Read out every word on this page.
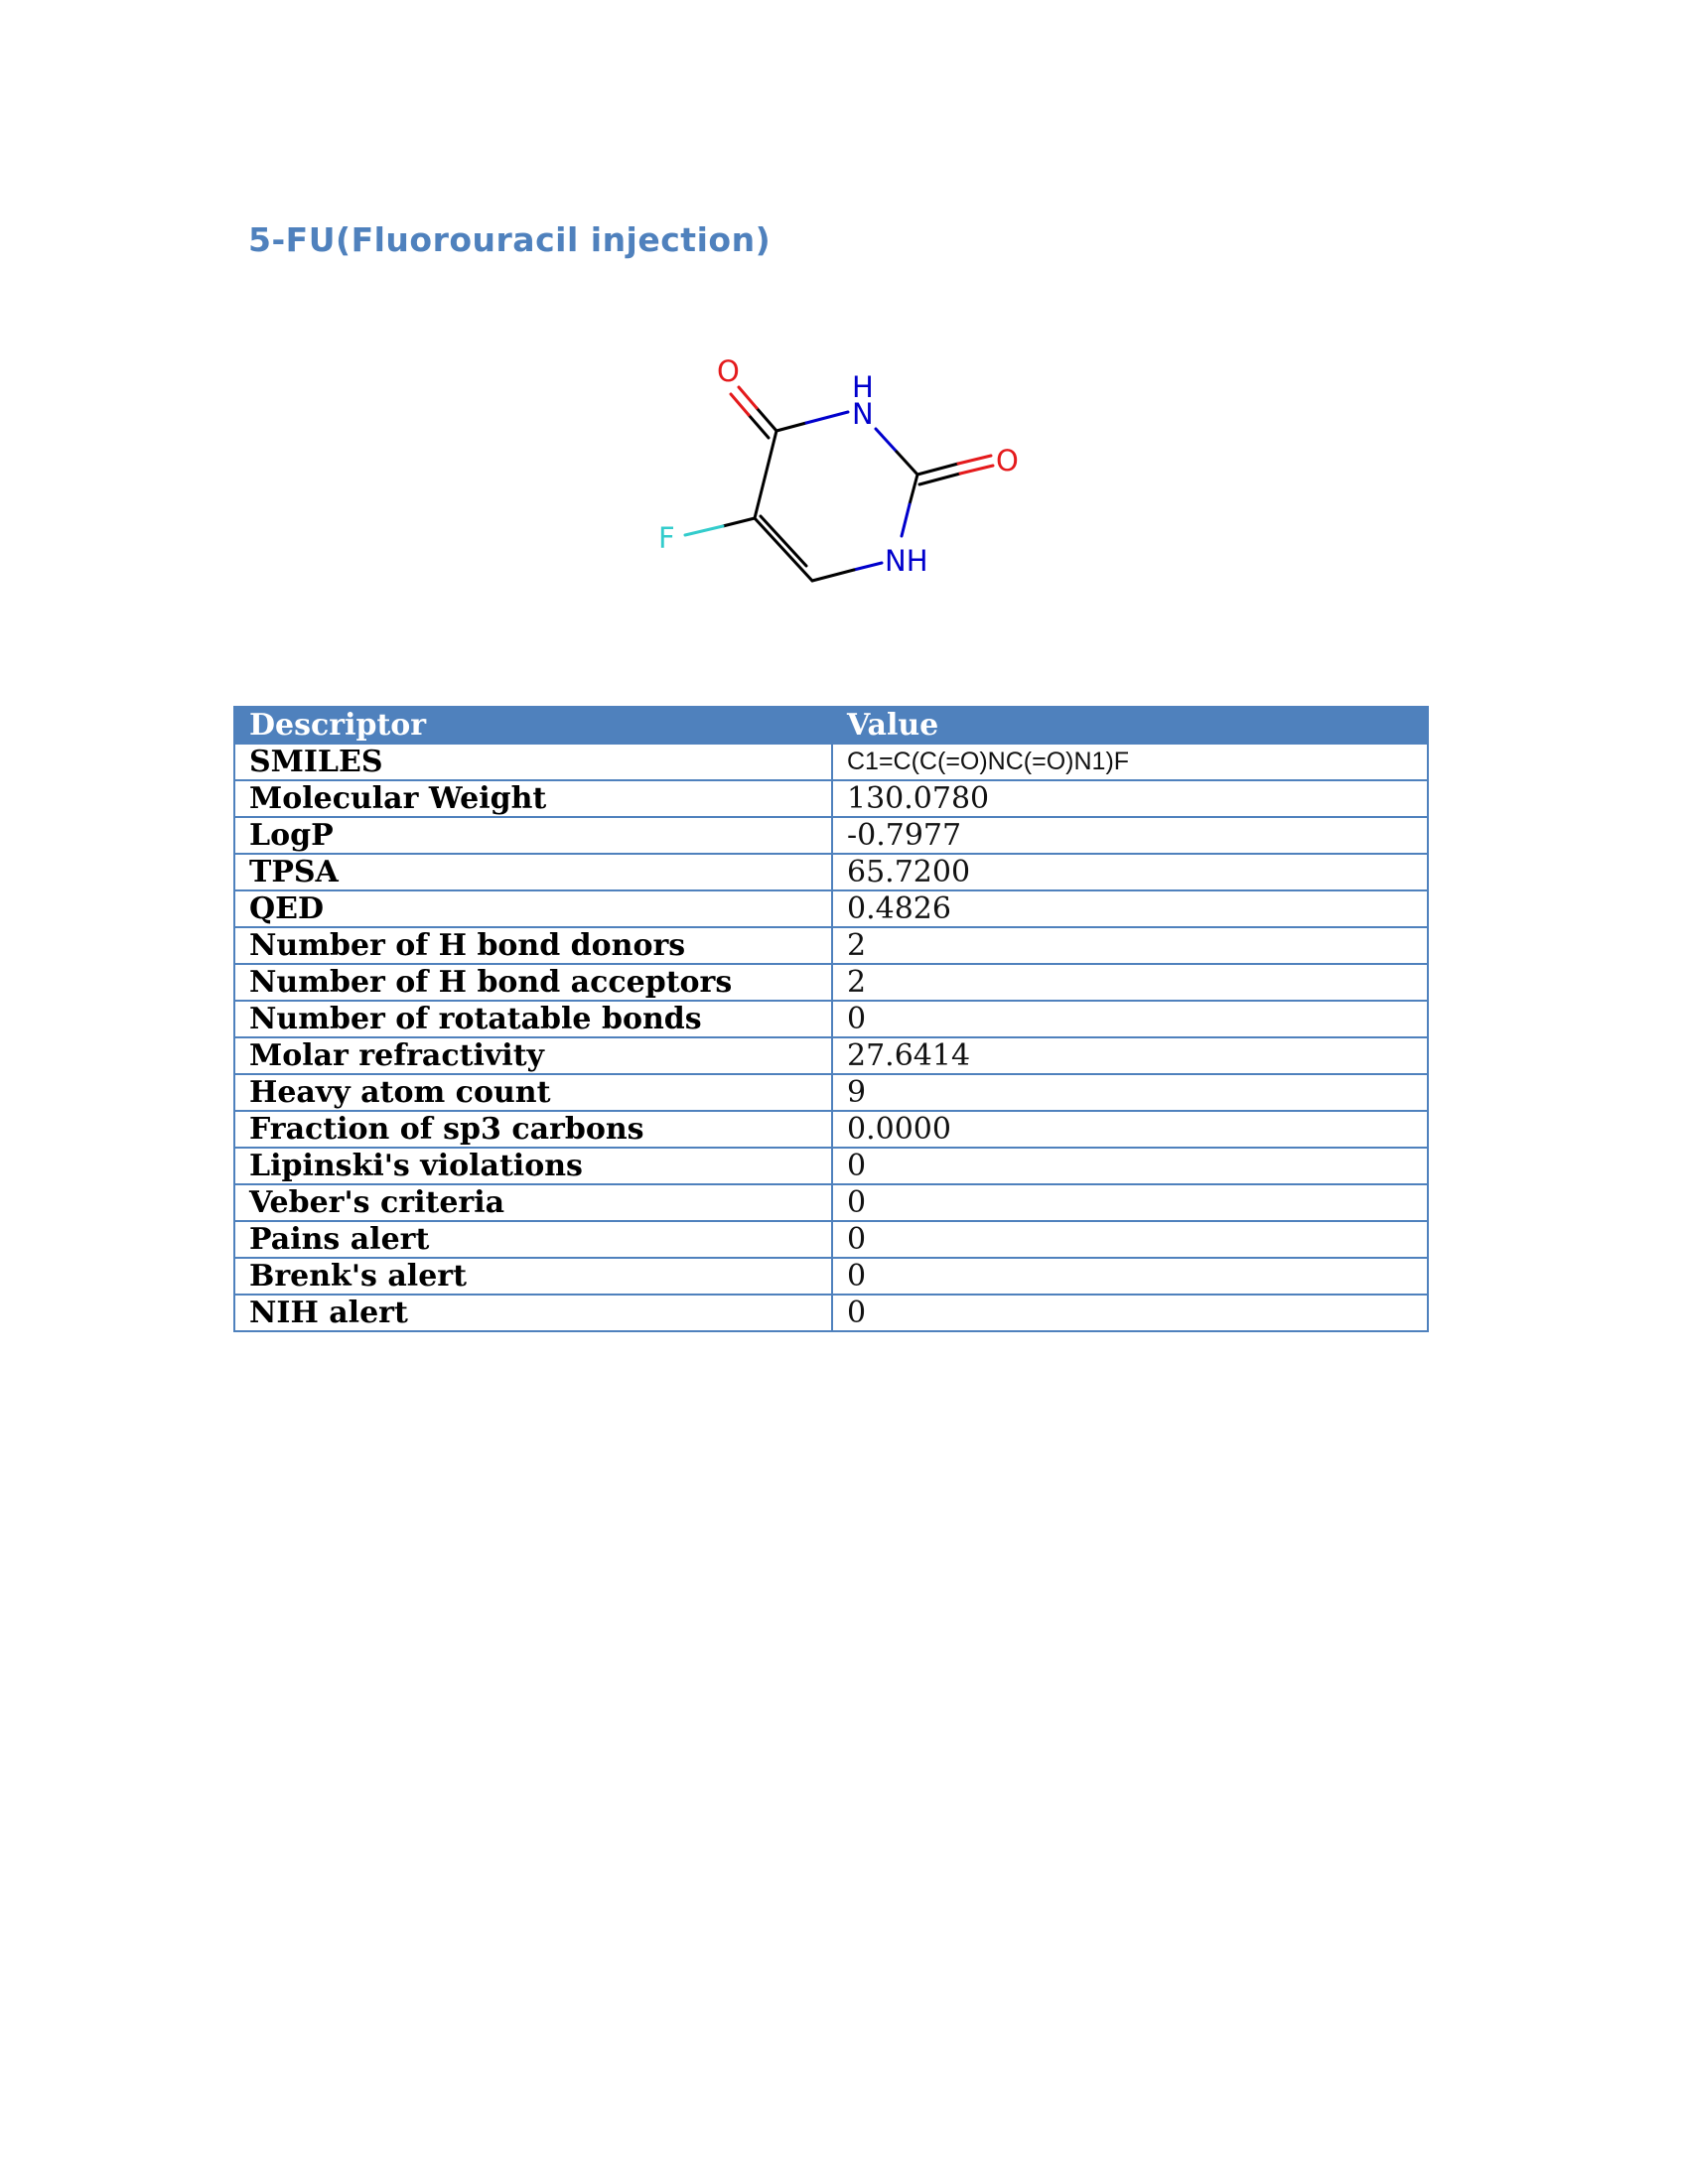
5-FU(Fluorouracil injection)
O	H
N
O
F
NH
Descriptor	Value
SMILES	C1=C(C(=O)NC(=O)N1)F
Molecular Weight	130.0780
LogP	-0.7977
TPSA	65.7200
QED	0.4826
Number of H bond donors	2
Number of H bond acceptors	2
Number of rotatable bonds	0
Molar refractivity	27.6414
Heavy atom count	9
Fraction of sp3 carbons	0.0000
Lipinski's violations	0
Veber's criteria	0
Pains alert	0
Brenk's alert	0
NIH alert	0
